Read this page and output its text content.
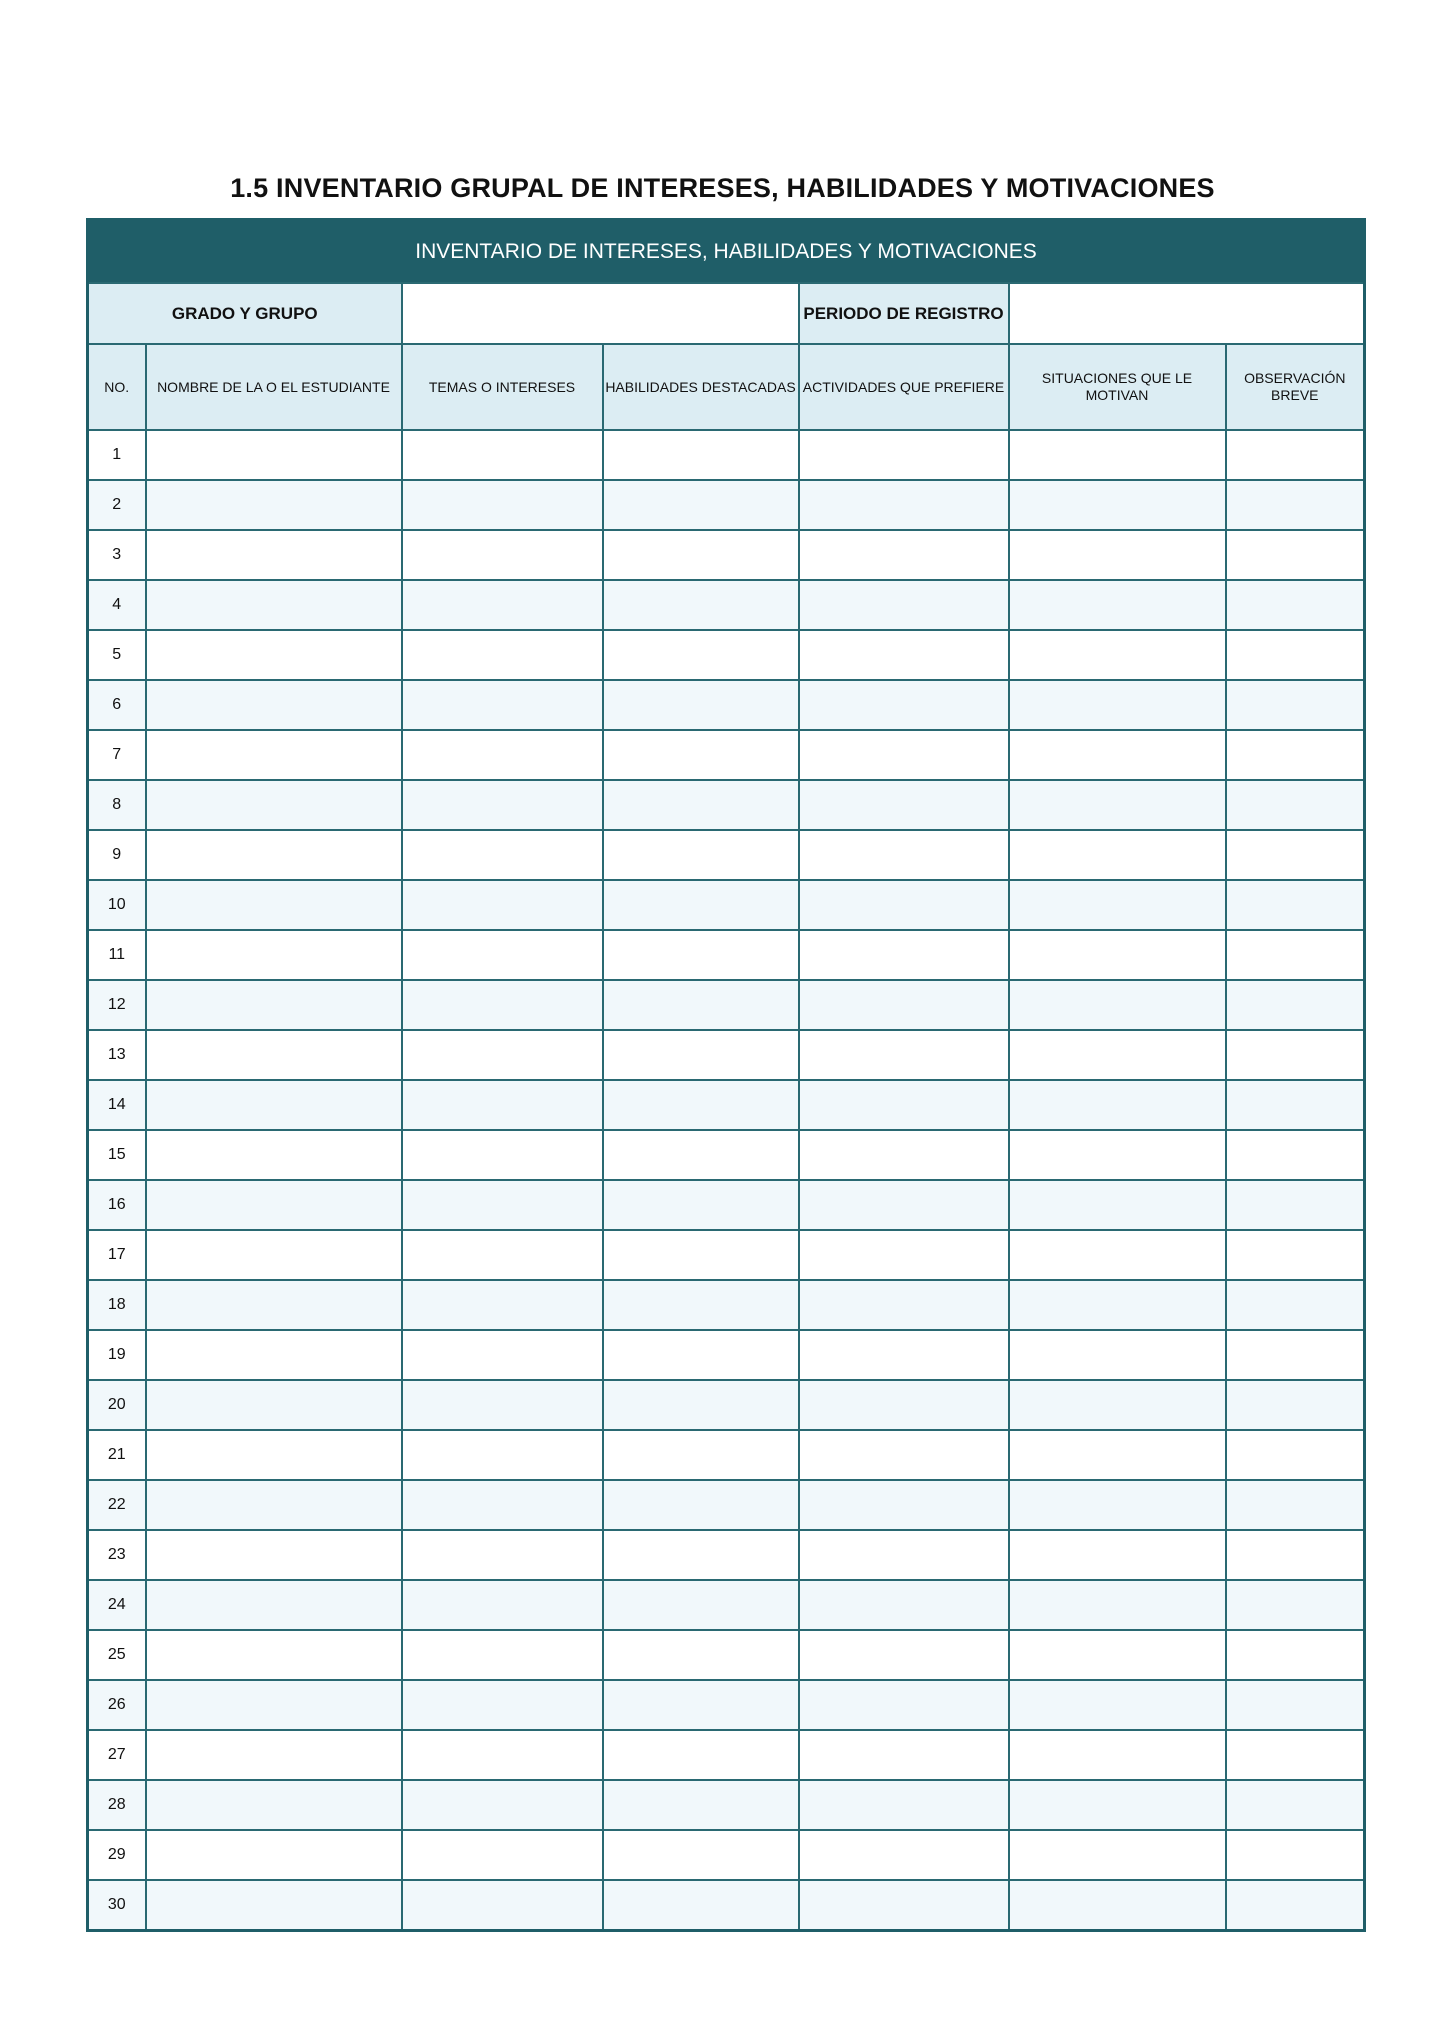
1.5 INVENTARIO GRUPAL DE INTERESES, HABILIDADES Y MOTIVACIONES
INVENTARIO DE INTERESES, HABILIDADES Y MOTIVACIONES						
GRADO Y GRUPO				PERIODO DE REGISTRO		
NO.	NOMBRE DE LA O EL ESTUDIANTE	TEMAS O INTERESES	HABILIDADES DESTACADAS	ACTIVIDADES QUE PREFIERE	SITUACIONES QUE LE MOTIVAN	OBSERVACIÓN BREVE
1						
2						
3						
4						
5						
6						
7						
8						
9						
10						
11						
12						
13						
14						
15						
16						
17						
18						
19						
20						
21						
22						
23						
24						
25						
26						
27						
28						
29						
30						
